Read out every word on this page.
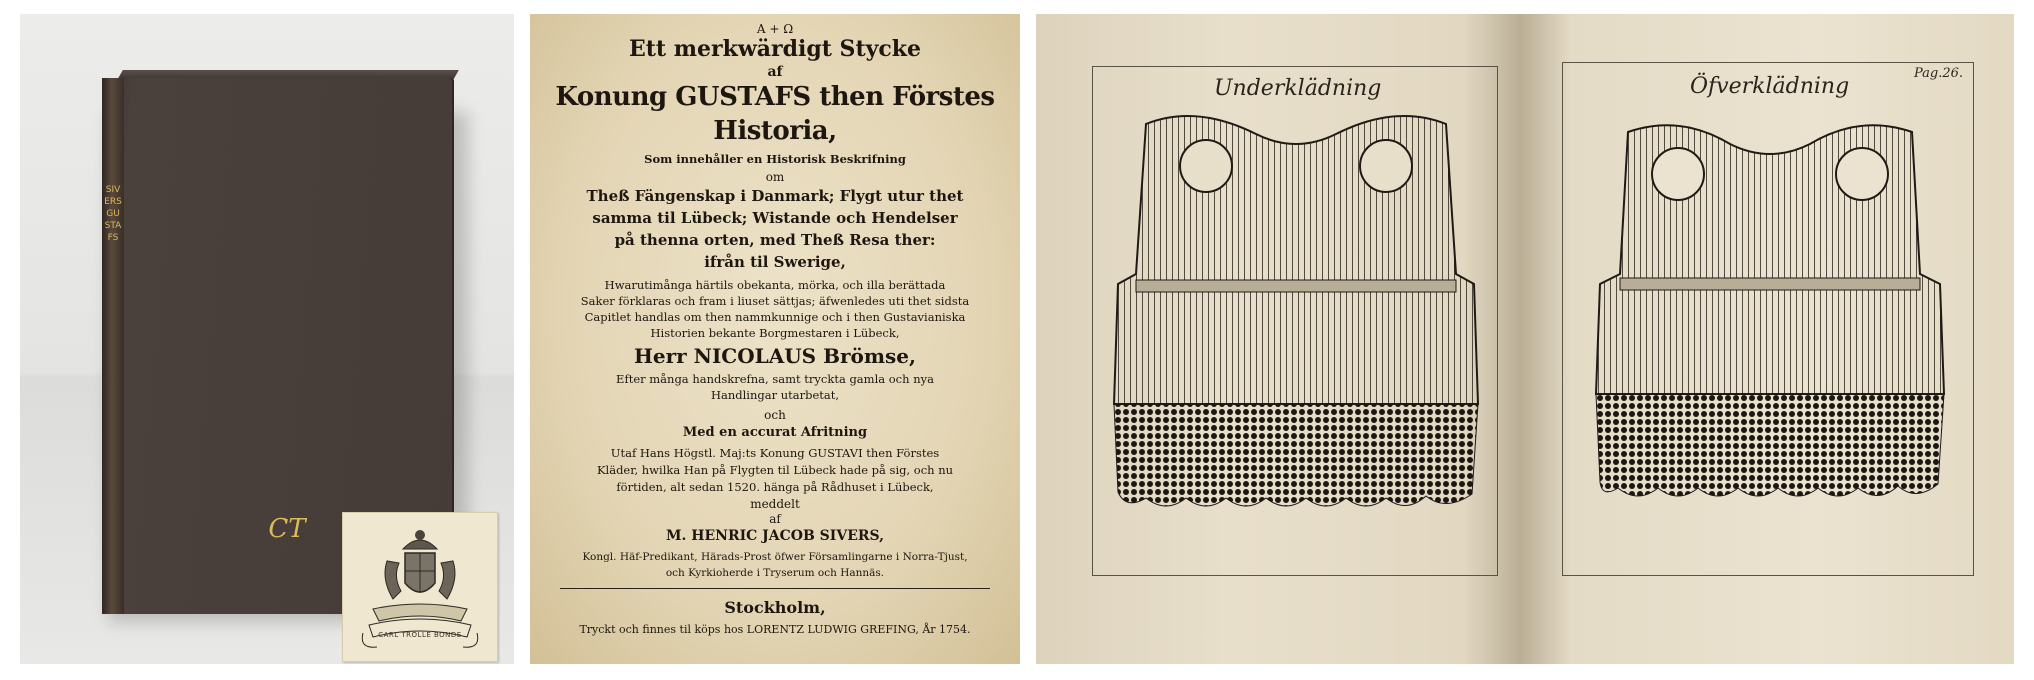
SIVERS GUSTAFS
CT
CARL TROLLE BONDE
A + Ω
Ett merkwärdigt Stycke
af
Konung GUSTAFS then Förstes
Historia,
Som innehåller en Historisk Beskrifning
om
Theß Fängenskap i Danmark; Flygt utur thet
samma til Lübeck; Wistande och Hendelser
på thenna orten, med Theß Resa ther:
ifrån til Swerige,
Hwarutimånga härtils obekanta, mörka, och illa berättada
Saker förklaras och fram i liuset sättjas; äfwenledes uti thet sidsta
Capitlet handlas om then nammkunnige och i then Gustavianiska
Historien bekante Borgmestaren i Lübeck,
Herr NICOLAUS Brömse,
Efter många handskrefna, samt tryckta gamla och nya
Handlingar utarbetat,
och
Med en accurat Afritning
Utaf Hans Högstl. Maj:ts Konung GUSTAVI then Förstes
Kläder, hwilka Han på Flygten til Lübeck hade på sig, och nu
förtiden, alt sedan 1520. hänga på Rådhuset i Lübeck,
meddelt
af
M. HENRIC JACOB SIVERS,
Kongl. Häf-Predikant, Härads-Prost öfwer Församlingarne i Norra-Tjust,
och Kyrkioherde i Tryserum och Hannäs.
Stockholm,
Tryckt och finnes til köps hos LORENTZ LUDWIG GREFING, År 1754.
Underklädning	Öfverklädning
Pag.26.
